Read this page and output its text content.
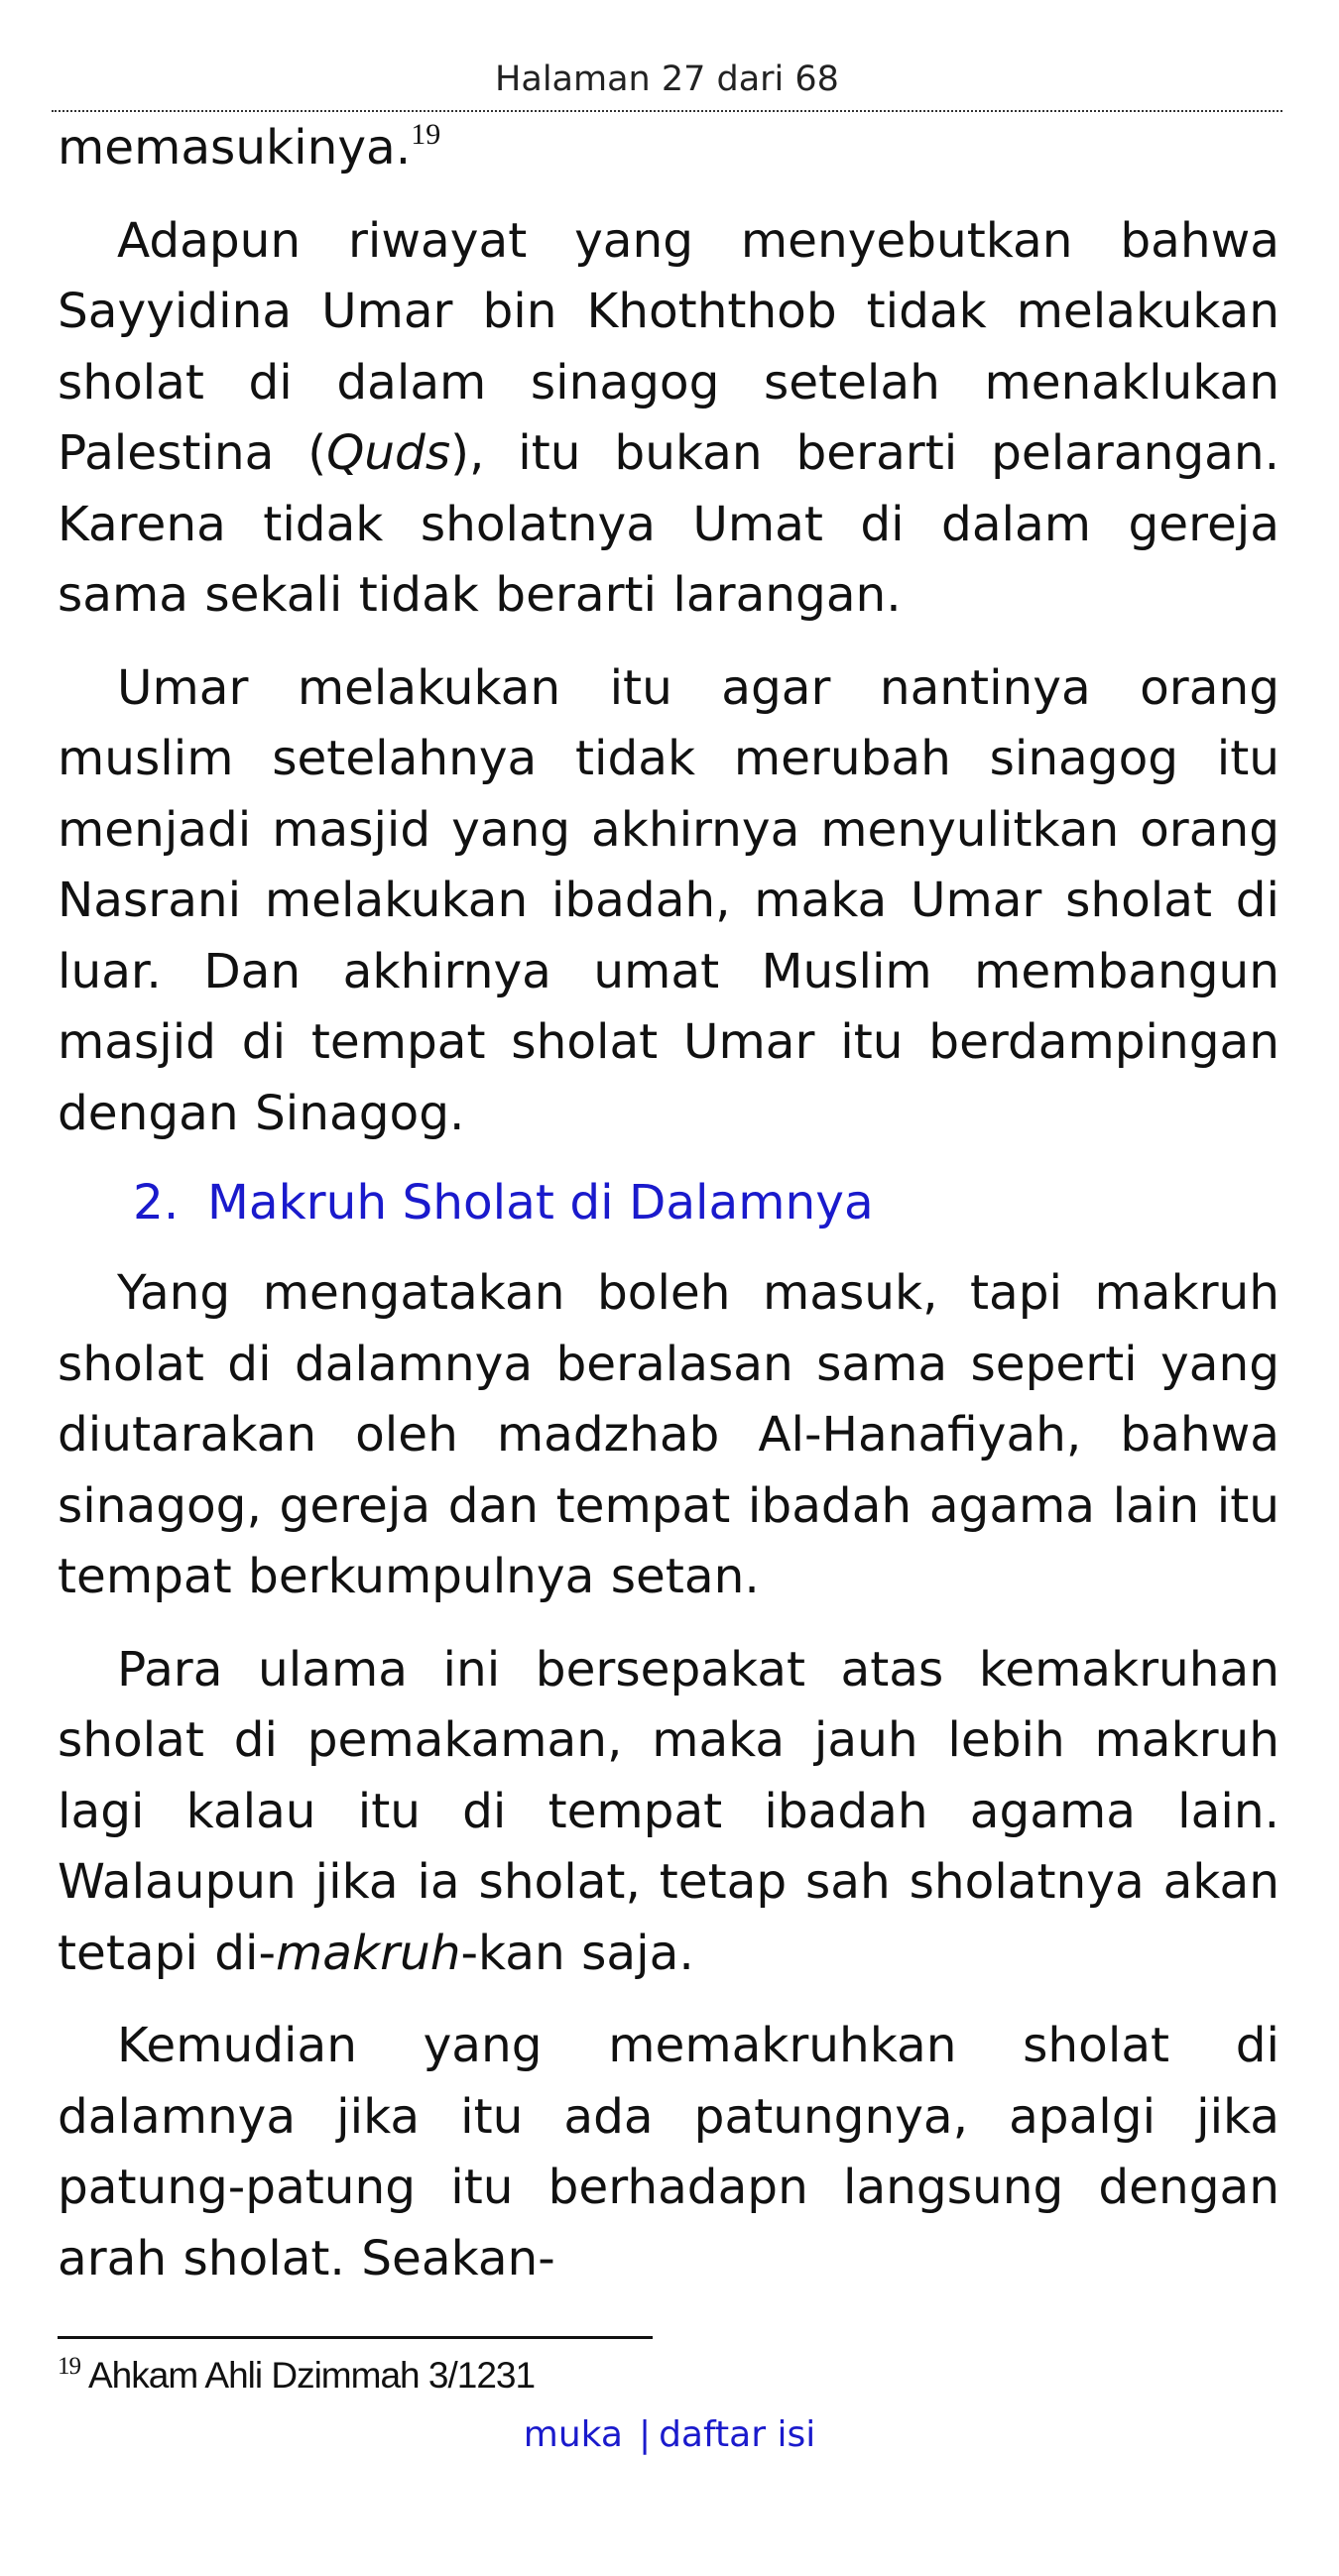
Halaman 27 dari 68

memasukinya.$^{19}$

Adapun riwayat yang menyebutkan bahwa Sayyidina Umar bin Khoththob tidak melakukan sholat di dalam sinagog setelah menaklukan Palestina (Quds), itu bukan berarti pelarangan. Karena tidak sholatnya Umat di dalam gereja sama sekali tidak berarti larangan.

Umar melakukan itu agar nantinya orang muslim setelahnya tidak merubah sinagog itu menjadi masjid yang akhirnya menyulitkan orang Nasrani melakukan ibadah, maka Umar sholat di luar. Dan akhirnya umat Muslim membangun masjid di tempat sholat Umar itu berdampingan dengan Sinagog.

2. Makruh Sholat di Dalamnya

Yang mengatakan boleh masuk, tapi makruh sholat di dalamnya beralasan sama seperti yang diutarakan oleh madzhab Al-Hanafiyah, bahwa sinagog, gereja dan tempat ibadah agama lain itu tempat berkumpulnya setan.

Para ulama ini bersepakat atas kemakruhan sholat di pemakaman, maka jauh lebih makruh lagi kalau itu di tempat ibadah agama lain. Walaupun jika ia sholat, tetap sah sholatnya akan tetapi di-makruh-kan saja.

Kemudian yang memakruhkan sholat di dalamnya jika itu ada patungnya, apalgi jika patung-patung itu berhadapn langsung dengan arah sholat. Seakan-

$^{19}$ Ahkam Ahli Dzimmah 3/1231
muka | daftar isi
